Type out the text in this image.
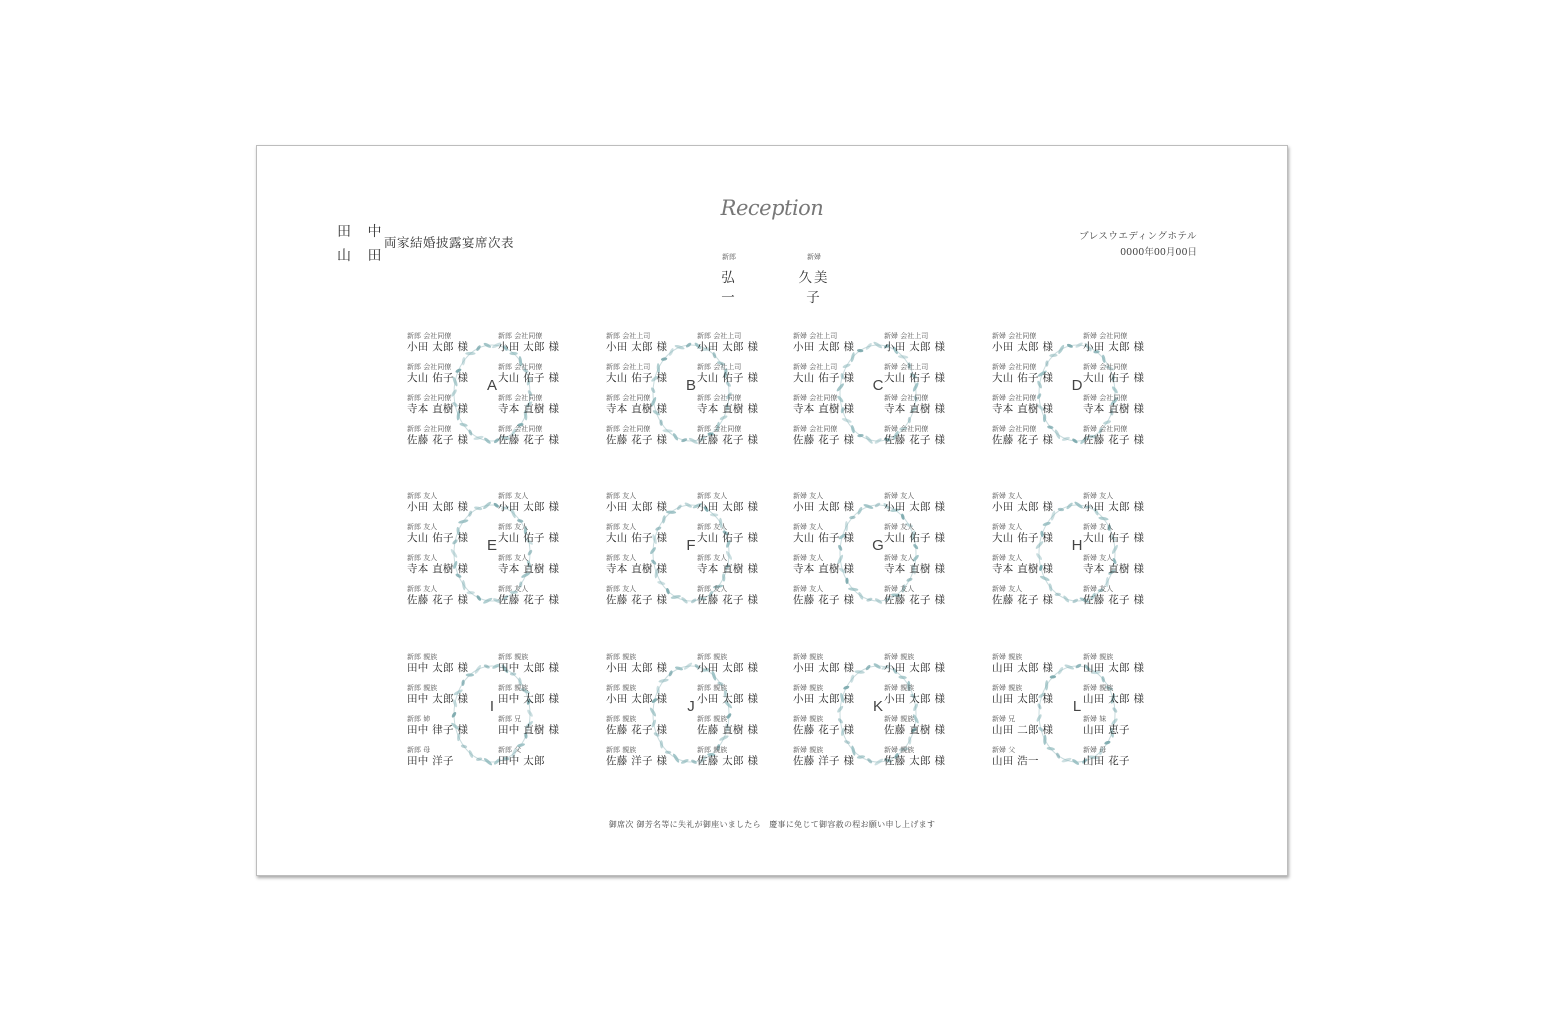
田 中
山 田
両家結婚披露宴席次表
Reception
新郎
弘　一
新婦
久美子
ブレスウエディングホテル
0000年00月00日
A
新郎 会社同僚
小田 太郎 様
新郎 会社同僚
小田 太郎 様
新郎 会社同僚
大山 佑子 様
新郎 会社同僚
大山 佑子 様
新郎 会社同僚
寺本 直樹 様
新郎 会社同僚
寺本 直樹 様
新郎 会社同僚
佐藤 花子 様
新郎 会社同僚
佐藤 花子 様
B
新郎 会社上司
小田 太郎 様
新郎 会社上司
小田 太郎 様
新郎 会社上司
大山 佑子 様
新郎 会社上司
大山 佑子 様
新郎 会社同僚
寺本 直樹 様
新郎 会社同僚
寺本 直樹 様
新郎 会社同僚
佐藤 花子 様
新郎 会社同僚
佐藤 花子 様
C
新婦 会社上司
小田 太郎 様
新婦 会社上司
小田 太郎 様
新婦 会社上司
大山 佑子 様
新婦 会社上司
大山 佑子 様
新婦 会社同僚
寺本 直樹 様
新婦 会社同僚
寺本 直樹 様
新婦 会社同僚
佐藤 花子 様
新婦 会社同僚
佐藤 花子 様
D
新婦 会社同僚
小田 太郎 様
新婦 会社同僚
小田 太郎 様
新婦 会社同僚
大山 佑子 様
新婦 会社同僚
大山 佑子 様
新婦 会社同僚
寺本 直樹 様
新婦 会社同僚
寺本 直樹 様
新婦 会社同僚
佐藤 花子 様
新婦 会社同僚
佐藤 花子 様
E
新郎 友人
小田 太郎 様
新郎 友人
小田 太郎 様
新郎 友人
大山 佑子 様
新郎 友人
大山 佑子 様
新郎 友人
寺本 直樹 様
新郎 友人
寺本 直樹 様
新郎 友人
佐藤 花子 様
新郎 友人
佐藤 花子 様
F
新郎 友人
小田 太郎 様
新郎 友人
小田 太郎 様
新郎 友人
大山 佑子 様
新郎 友人
大山 佑子 様
新郎 友人
寺本 直樹 様
新郎 友人
寺本 直樹 様
新郎 友人
佐藤 花子 様
新郎 友人
佐藤 花子 様
G
新婦 友人
小田 太郎 様
新婦 友人
小田 太郎 様
新婦 友人
大山 佑子 様
新婦 友人
大山 佑子 様
新婦 友人
寺本 直樹 様
新婦 友人
寺本 直樹 様
新婦 友人
佐藤 花子 様
新婦 友人
佐藤 花子 様
H
新婦 友人
小田 太郎 様
新婦 友人
小田 太郎 様
新婦 友人
大山 佑子 様
新婦 友人
大山 佑子 様
新婦 友人
寺本 直樹 様
新婦 友人
寺本 直樹 様
新婦 友人
佐藤 花子 様
新婦 友人
佐藤 花子 様
I
新郎 親族
田中 太郎 様
新郎 親族
田中 太郎 様
新郎 親族
田中 太郎 様
新郎 親族
田中 太郎 様
新郎 姉
田中 律子 様
新郎 兄
田中 直樹 様
新郎 母
田中 洋子
新郎 父
田中 太郎
J
新郎 親族
小田 太郎 様
新郎 親族
小田 太郎 様
新郎 親族
小田 太郎 様
新郎 親族
小田 太郎 様
新郎 親族
佐藤 花子 様
新郎 親族
佐藤 直樹 様
新郎 親族
佐藤 洋子 様
新郎 親族
佐藤 太郎 様
K
新婦 親族
小田 太郎 様
新婦 親族
小田 太郎 様
新婦 親族
小田 太郎 様
新婦 親族
小田 太郎 様
新婦 親族
佐藤 花子 様
新婦 親族
佐藤 直樹 様
新婦 親族
佐藤 洋子 様
新婦 親族
佐藤 太郎 様
L
新婦 親族
山田 太郎 様
新婦 親族
山田 太郎 様
新婦 親族
山田 太郎 様
新婦 親族
山田 太郎 様
新婦 兄
山田 二郎 様
新婦 妹
山田 恵子
新婦 父
山田 浩一
新婦 母
山田 花子
御席次 御芳名等に失礼が御座いましたら　慶事に免じて御容赦の程お願い申し上げます
